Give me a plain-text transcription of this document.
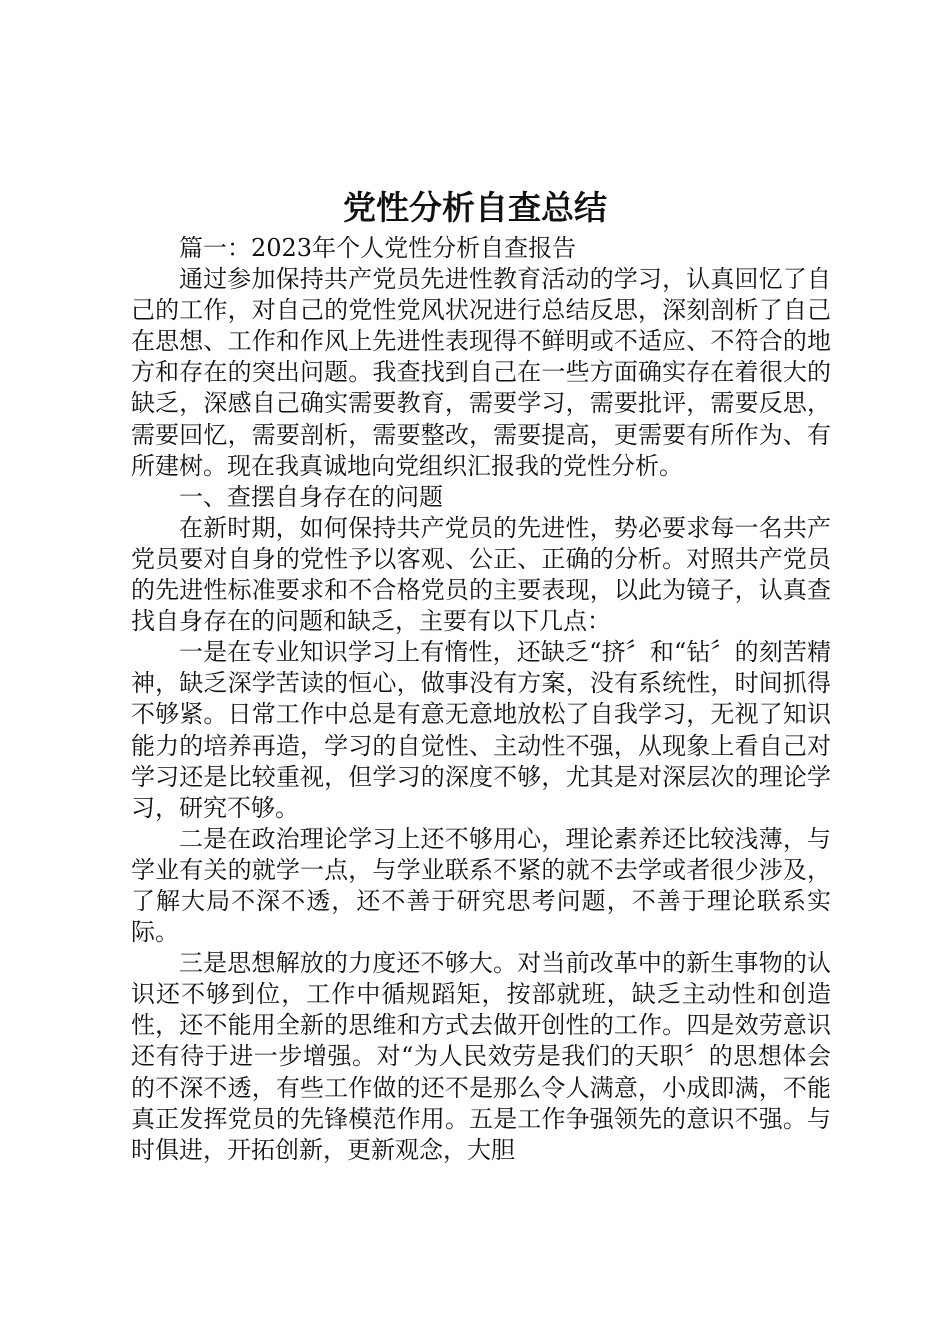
党性分析自查总结

篇一：2023年个人党性分析自查报告

通过参加保持共产党员先进性教育活动的学习，认真回忆了自己的工作，对自己的党性党风状况进行总结反思，深刻剖析了自己在思想、工作和作风上先进性表现得不鲜明或不适应、不符合的地方和存在的突出问题。我查找到自己在一些方面确实存在着很大的缺乏，深感自己确实需要教育，需要学习，需要批评，需要反思，需要回忆，需要剖析，需要整改，需要提高，更需要有所作为、有所建树。现在我真诚地向党组织汇报我的党性分析。

一、查摆自身存在的问题

在新时期，如何保持共产党员的先进性，势必要求每一名共产党员要对自身的党性予以客观、公正、正确的分析。对照共产党员的先进性标准要求和不合格党员的主要表现，以此为镜子，认真查找自身存在的问题和缺乏，主要有以下几点：

一是在专业知识学习上有惰性，还缺乏“挤〞和“钻〞的刻苦精神，缺乏深学苦读的恒心，做事没有方案，没有系统性，时间抓得不够紧。日常工作中总是有意无意地放松了自我学习，无视了知识能力的培养再造，学习的自觉性、主动性不强，从现象上看自己对学习还是比较重视，但学习的深度不够，尤其是对深层次的理论学习，研究不够。

二是在政治理论学习上还不够用心，理论素养还比较浅薄，与学业有关的就学一点，与学业联系不紧的就不去学或者很少涉及，了解大局不深不透，还不善于研究思考问题，不善于理论联系实际。

三是思想解放的力度还不够大。对当前改革中的新生事物的认识还不够到位，工作中循规蹈矩，按部就班，缺乏主动性和创造性，还不能用全新的思维和方式去做开创性的工作。四是效劳意识还有待于进一步增强。对“为人民效劳是我们的天职〞的思想体会的不深不透，有些工作做的还不是那么令人满意，小成即满，不能真正发挥党员的先锋模范作用。五是工作争强领先的意识不强。与时俱进，开拓创新，更新观念，大胆
